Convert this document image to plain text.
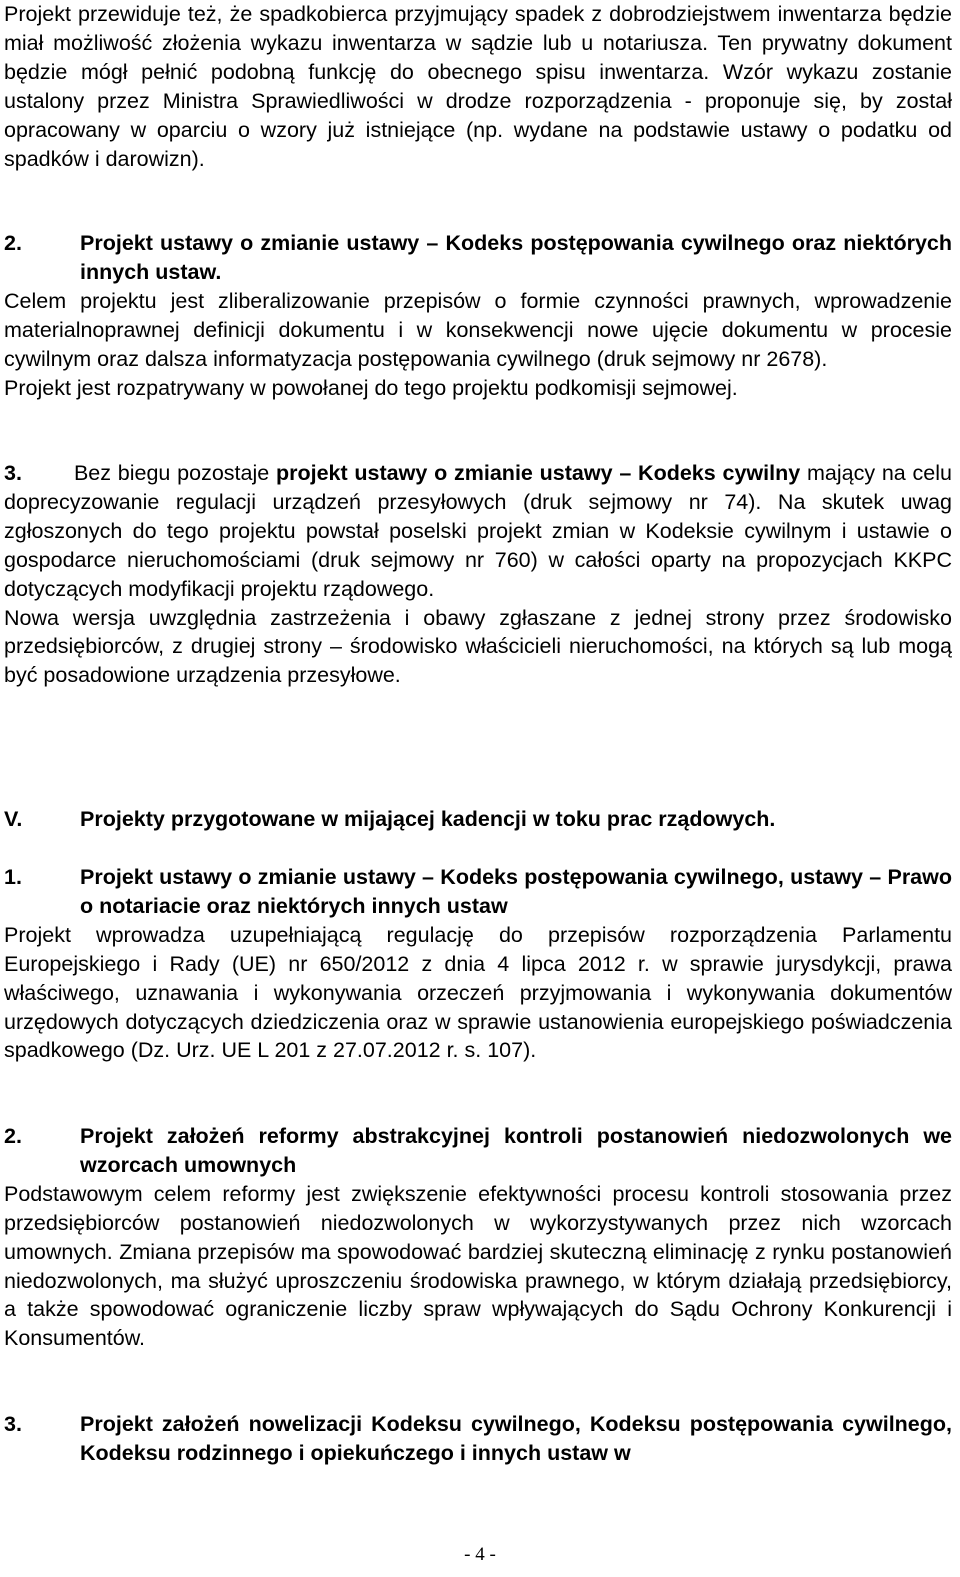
Projekt przewiduje też, że spadkobierca przyjmujący spadek z dobrodziejstwem inwentarza będzie miał możliwość złożenia wykazu inwentarza w sądzie lub u notariusza. Ten prywatny dokument będzie mógł pełnić podobną funkcję do obecnego spisu inwentarza. Wzór wykazu zostanie ustalony przez Ministra Sprawiedliwości w drodze rozporządzenia - proponuje się, by został opracowany w oparciu o wzory już istniejące (np. wydane na podstawie ustawy o podatku od spadków i darowizn).

2.	Projekt ustawy o zmianie ustawy – Kodeks postępowania cywilnego oraz niektórych innych ustaw.

Celem projektu jest zliberalizowanie przepisów o formie czynności prawnych, wprowadzenie materialnoprawnej definicji dokumentu i w konsekwencji nowe ujęcie dokumentu w procesie cywilnym oraz dalsza informatyzacja postępowania cywilnego (druk sejmowy nr 2678).

Projekt jest rozpatrywany w powołanej do tego projektu podkomisji sejmowej.

3. Bez biegu pozostaje projekt ustawy o zmianie ustawy – Kodeks cywilny mający na celu doprecyzowanie regulacji urządzeń przesyłowych (druk sejmowy nr 74). Na skutek uwag zgłoszonych do tego projektu powstał poselski projekt zmian w Kodeksie cywilnym i ustawie o gospodarce nieruchomościami (druk sejmowy nr 760) w całości oparty na propozycjach KKPC dotyczących modyfikacji projektu rządowego.

Nowa wersja uwzględnia zastrzeżenia i obawy zgłaszane z jednej strony przez środowisko przedsiębiorców, z drugiej strony – środowisko właścicieli nieruchomości, na których są lub mogą być posadowione urządzenia przesyłowe.

V.	Projekty przygotowane w mijającej kadencji w toku prac rządowych.
1.	Projekt ustawy o zmianie ustawy – Kodeks postępowania cywilnego, ustawy – Prawo o notariacie oraz niektórych innych ustaw

Projekt wprowadza uzupełniającą regulację do przepisów rozporządzenia Parlamentu Europejskiego i Rady (UE) nr 650/2012 z dnia 4 lipca 2012 r. w sprawie jurysdykcji, prawa właściwego, uznawania i wykonywania orzeczeń przyjmowania i wykonywania dokumentów urzędowych dotyczących dziedziczenia oraz w sprawie ustanowienia europejskiego poświadczenia spadkowego (Dz. Urz. UE L 201 z 27.07.2012 r. s. 107).

2.	Projekt założeń reformy abstrakcyjnej kontroli postanowień niedozwolonych we wzorcach umownych

Podstawowym celem reformy jest zwiększenie efektywności procesu kontroli stosowania przez przedsiębiorców postanowień niedozwolonych w wykorzystywanych przez nich wzorcach umownych. Zmiana przepisów ma spowodować bardziej skuteczną eliminację z rynku postanowień niedozwolonych, ma służyć uproszczeniu środowiska prawnego, w którym działają przedsiębiorcy, a także spowodować ograniczenie liczby spraw wpływających do Sądu Ochrony Konkurencji i Konsumentów.

3.	Projekt założeń nowelizacji Kodeksu cywilnego, Kodeksu postępowania cywilnego, Kodeksu rodzinnego i opiekuńczego i innych ustaw w
- 4 -
